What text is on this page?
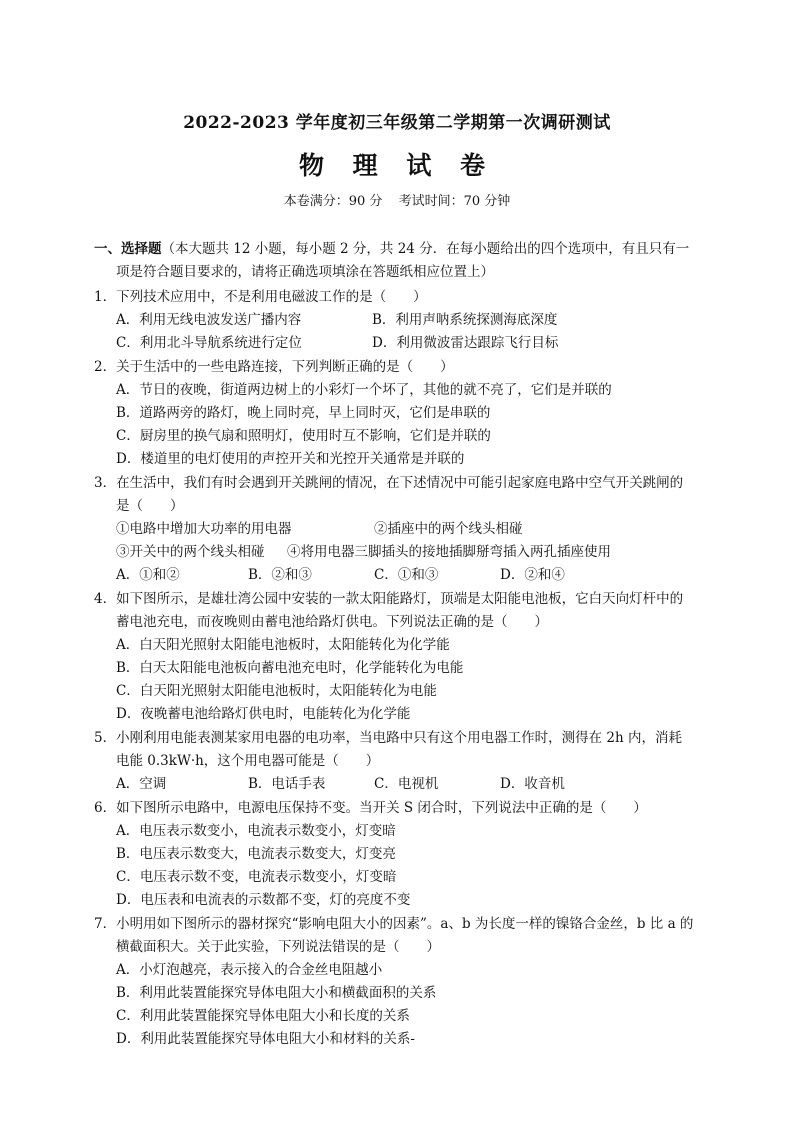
2022-2023 学年度初三年级第二学期第一次调研测试
物 理 试 卷
本卷满分：90 分 考试时间：70 分钟
一、选择题（本大题共 12 小题，每小题 2 分，共 24 分．在每小题给出的四个选项中，有且只有一
项是符合题目要求的，请将正确选项填涂在答题纸相应位置上）
1．下列技术应用中，不是利用电磁波工作的是（　　）
A．利用无线电波发送广播内容	B．利用声呐系统探测海底深度
C．利用北斗导航系统进行定位	D．利用微波雷达跟踪飞行目标
2．关于生活中的一些电路连接，下列判断正确的是（　　）
A．节日的夜晚，街道两边树上的小彩灯一个坏了，其他的就不亮了，它们是并联的
B．道路两旁的路灯，晚上同时亮，早上同时灭，它们是串联的
C．厨房里的换气扇和照明灯，使用时互不影响，它们是并联的
D．楼道里的电灯使用的声控开关和光控开关通常是并联的
3．在生活中，我们有时会遇到开关跳闸的情况，在下述情况中可能引起家庭电路中空气开关跳闸的
是（　　）
①电路中增加大功率的用电器	②插座中的两个线头相碰
③开关中的两个线头相碰 ④将用电器三脚插头的接地插脚掰弯插入两孔插座使用
A．①和②	B．②和③	C．①和③	D．②和④
4．如下图所示，是雄壮湾公园中安装的一款太阳能路灯，顶端是太阳能电池板，它白天向灯杆中的
蓄电池充电，而夜晚则由蓄电池给路灯供电。下列说法正确的是（　　）
A．白天阳光照射太阳能电池板时，太阳能转化为化学能
B．白天太阳能电池板向蓄电池充电时，化学能转化为电能
C．白天阳光照射太阳能电池板时，太阳能转化为电能
D．夜晚蓄电池给路灯供电时，电能转化为化学能
5．小刚利用电能表测某家用电器的电功率，当电路中只有这个用电器工作时，测得在 2h 内，消耗
电能 0.3kW·h，这个用电器可能是（　　）
A．空调	B．电话手表	C．电视机	D．收音机
6．如下图所示电路中，电源电压保持不变。当开关 S 闭合时，下列说法中正确的是（　　）
A．电压表示数变小，电流表示数变小，灯变暗
B．电压表示数变大，电流表示数变大，灯变亮
C．电压表示数不变，电流表示数变小，灯变暗
D．电压表和电流表的示数都不变，灯的亮度不变
7．小明用如下图所示的器材探究“影响电阻大小的因素”。a、b 为长度一样的镍铬合金丝，b 比 a 的
横截面积大。关于此实验，下列说法错误的是（　　）
A．小灯泡越亮，表示接入的合金丝电阻越小
B．利用此装置能探究导体电阻大小和横截面积的关系
C．利用此装置能探究导体电阻大小和长度的关系
D．利用此装置能探究导体电阻大小和材料的关系-
